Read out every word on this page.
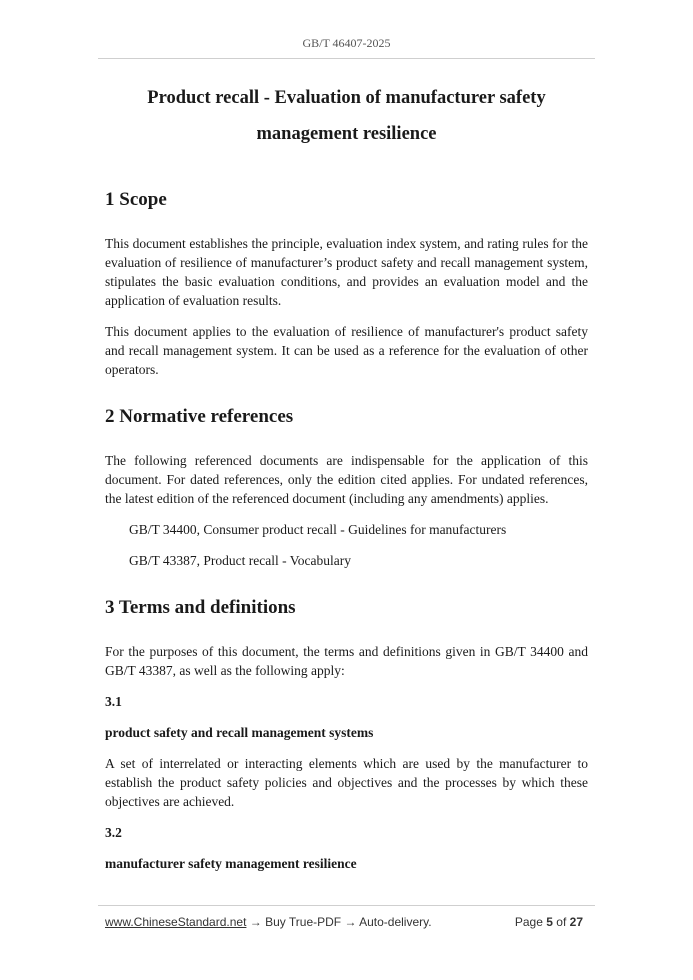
GB/T 46407-2025
Product recall - Evaluation of manufacturer safety
management resilience
1 Scope

This document establishes the principle, evaluation index system, and rating rules for the evaluation of resilience of manufacturer’s product safety and recall management system, stipulates the basic evaluation conditions, and provides an evaluation model and the application of evaluation results.

This document applies to the evaluation of resilience of manufacturer's product safety and recall management system. It can be used as a reference for the evaluation of other operators.

2 Normative references

The following referenced documents are indispensable for the application of this document. For dated references, only the edition cited applies. For undated references, the latest edition of the referenced document (including any amendments) applies.

GB/T 34400, Consumer product recall - Guidelines for manufacturers

GB/T 43387, Product recall - Vocabulary

3 Terms and definitions

For the purposes of this document, the terms and definitions given in GB/T 34400 and GB/T 43387, as well as the following apply:

3.1

product safety and recall management systems

A set of interrelated or interacting elements which are used by the manufacturer to establish the product safety policies and objectives and the processes by which these objectives are achieved.

3.2

manufacturer safety management resilience

www.ChineseStandard.net → Buy True-PDF → Auto-delivery.	Page 5 of 27
